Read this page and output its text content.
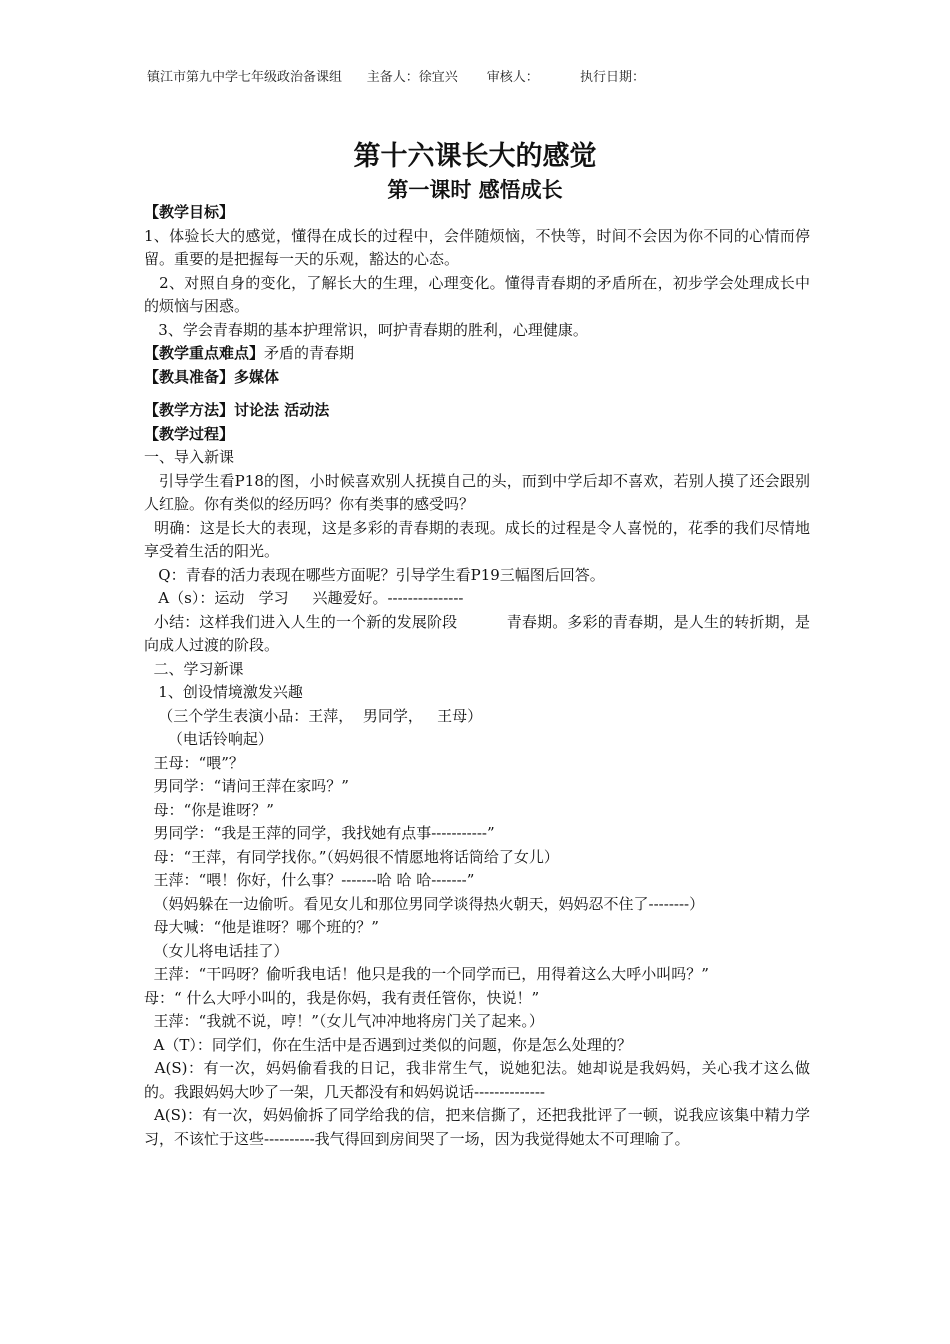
镇江市第九中学七年级政治备课组      主备人：徐宜兴       审核人：          执行日期：
第十六课长大的感觉
第一课时 感悟成长
【教学目标】
1、体验长大的感觉，懂得在成长的过程中，会伴随烦恼，不快等，时间不会因为你不同的心情而停留。重要的是把握每一天的乐观，豁达的心态。
2、对照自身的变化，了解长大的生理，心理变化。懂得青春期的矛盾所在，初步学会处理成长中的烦恼与困惑。
3、学会青春期的基本护理常识，呵护青春期的胜利，心理健康。
【教学重点难点】矛盾的青春期
【教具准备】多媒体
【教学方法】讨论法 活动法
【教学过程】
一、导入新课
引导学生看P18的图，小时候喜欢别人抚摸自己的头，而到中学后却不喜欢，若别人摸了还会跟别人红脸。你有类似的经历吗？你有类事的感受吗？
明确：这是长大的表现，这是多彩的青春期的表现。成长的过程是令人喜悦的，花季的我们尽情地享受着生活的阳光。
Q：青春的活力表现在哪些方面呢？引导学生看P19三幅图后回答。
A（s）：运动   学习     兴趣爱好。---------------
小结：这样我们进入人生的一个新的发展阶段          青春期。多彩的青春期，是人生的转折期，是向成人过渡的阶段。
二、学习新课
1、创设情境激发兴趣
（三个学生表演小品：王萍，  男同学，   王母）
（电话铃响起）
王母：“喂”？
男同学：“请问王萍在家吗？”
母：“你是谁呀？”
男同学：“我是王萍的同学，我找她有点事-----------”
母：“王萍，有同学找你。”（妈妈很不情愿地将话筒给了女儿）
王萍：“喂！你好，什么事？-------哈 哈 哈-------”
（妈妈躲在一边偷听。看见女儿和那位男同学谈得热火朝天，妈妈忍不住了--------）
母大喊：“他是谁呀？哪个班的？”
（女儿将电话挂了）
王萍：“干吗呀？偷听我电话！他只是我的一个同学而已，用得着这么大呼小叫吗？”
母：“ 什么大呼小叫的，我是你妈，我有责任管你，快说！”
王萍：“我就不说，哼！”（女儿气冲冲地将房门关了起来。）
A（T）：同学们，你在生活中是否遇到过类似的问题，你是怎么处理的？
A(S)：有一次，妈妈偷看我的日记，我非常生气，说她犯法。她却说是我妈妈，关心我才这么做的。我跟妈妈大吵了一架，几天都没有和妈妈说话--------------
A(S)：有一次，妈妈偷拆了同学给我的信，把来信撕了，还把我批评了一顿，说我应该集中精力学习，不该忙于这些----------我气得回到房间哭了一场，因为我觉得她太不可理喻了。
